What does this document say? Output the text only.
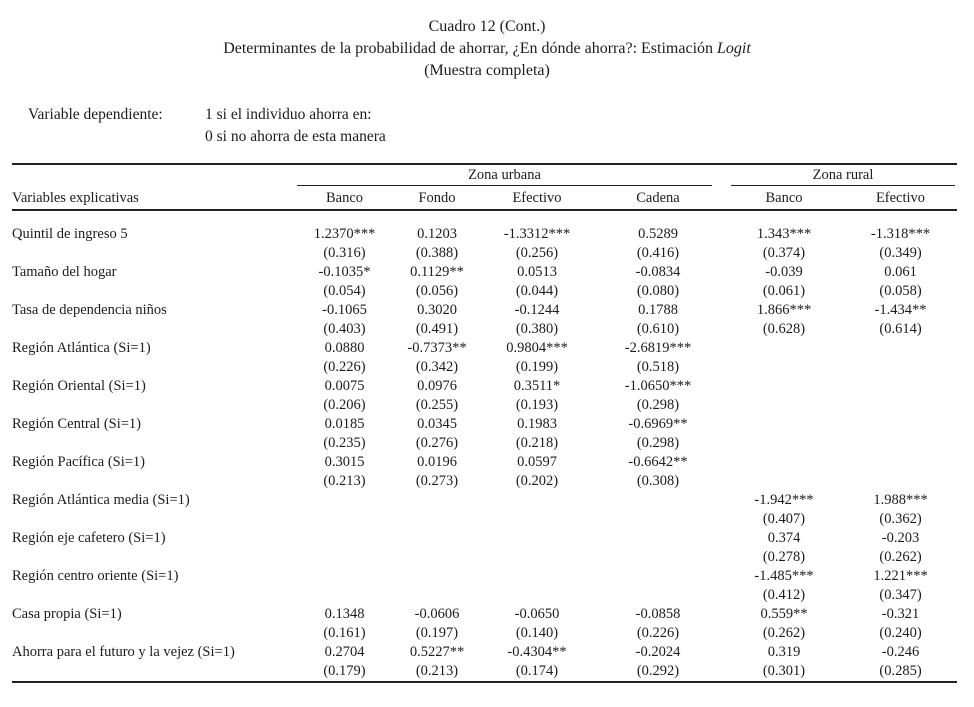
Cuadro 12 (Cont.)
Determinantes de la probabilidad de ahorrar, ¿En dónde ahorra?: Estimación Logit
(Muestra completa)
Variable dependiente:	1 si el individuo ahorra en:
0 si no ahorra de esta manera

	Zona urbana				Zona rural	

Variables explicativas	Banco	Fondo	Efectivo	Cadena	Banco	Efectivo

Quintil de ingreso 5	1.2370***	0.1203	-1.3312***	0.5289	1.343***	-1.318***
	(0.316)	(0.388)	(0.256)	(0.416)	(0.374)	(0.349)
Tamaño del hogar	-0.1035*	0.1129**	0.0513	-0.0834	-0.039	0.061
	(0.054)	(0.056)	(0.044)	(0.080)	(0.061)	(0.058)
Tasa de dependencia niños	-0.1065	0.3020	-0.1244	0.1788	1.866***	-1.434**
	(0.403)	(0.491)	(0.380)	(0.610)	(0.628)	(0.614)
Región Atlántica (Si=1)	0.0880	-0.7373**	0.9804***	-2.6819***		
	(0.226)	(0.342)	(0.199)	(0.518)		
Región Oriental (Si=1)	0.0075	0.0976	0.3511*	-1.0650***		
	(0.206)	(0.255)	(0.193)	(0.298)		
Región Central (Si=1)	0.0185	0.0345	0.1983	-0.6969**		
	(0.235)	(0.276)	(0.218)	(0.298)		
Región Pacífica (Si=1)	0.3015	0.0196	0.0597	-0.6642**		
	(0.213)	(0.273)	(0.202)	(0.308)		
Región Atlántica media (Si=1)					-1.942***	1.988***
					(0.407)	(0.362)
Región eje cafetero (Si=1)					0.374	-0.203
					(0.278)	(0.262)
Región centro oriente (Si=1)					-1.485***	1.221***
					(0.412)	(0.347)
Casa propia (Si=1)	0.1348	-0.0606	-0.0650	-0.0858	0.559**	-0.321
	(0.161)	(0.197)	(0.140)	(0.226)	(0.262)	(0.240)
Ahorra para el futuro y la vejez (Si=1)	0.2704	0.5227**	-0.4304**	-0.2024	0.319	-0.246
	(0.179)	(0.213)	(0.174)	(0.292)	(0.301)	(0.285)
